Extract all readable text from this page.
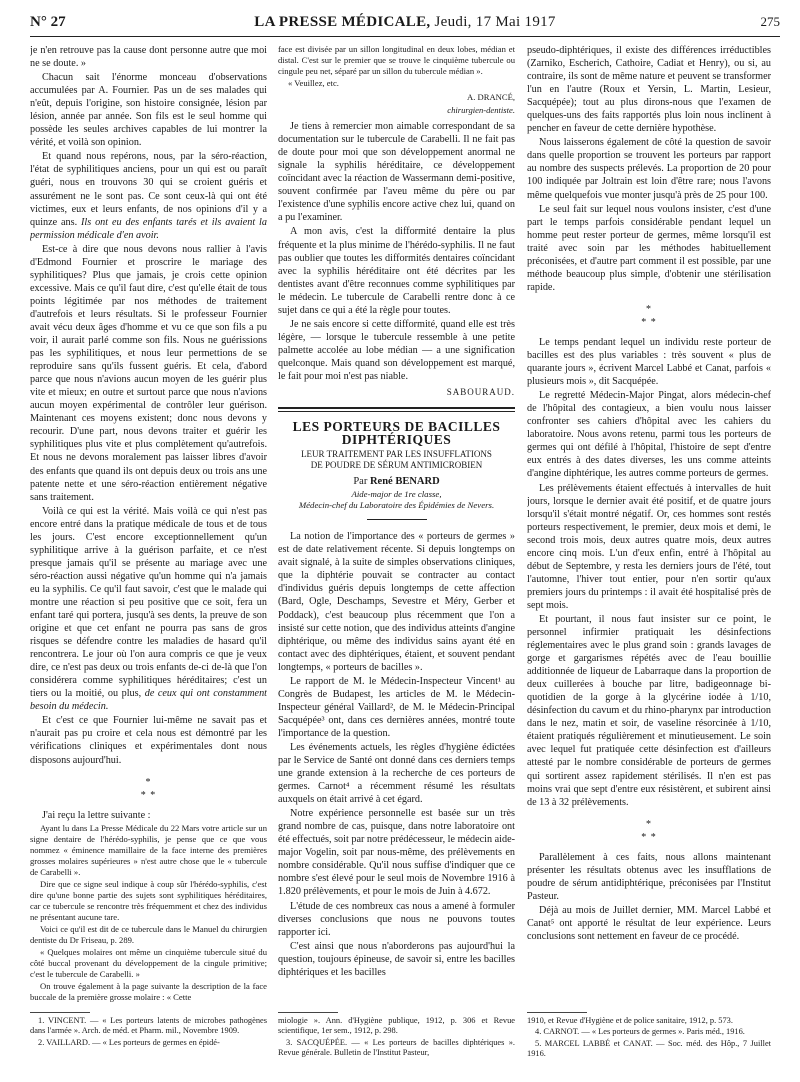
N° 27	LA PRESSE MÉDICALE, Jeudi, 17 Mai 1917	275

je n'en retrouve pas la cause dont personne autre que moi ne se doute. »

Chacun sait l'énorme monceau d'observations accumulées par A. Fournier. Pas un de ses malades qui n'eût, depuis l'origine, son histoire consignée, lésion par lésion, année par année. Son fils est le seul homme qui possède les seules archives capables de lui montrer la vérité, et voilà son opinion.

Et quand nous repérons, nous, par la séro-réaction, l'état de syphilitiques anciens, pour un qui est ou paraît guéri, nous en trouvons 30 qui se croient guéris et assurément ne le sont pas. Ce sont ceux-là qui ont été victimes, eux et leurs enfants, de nos opinions d'il y a quinze ans. Ils ont eu des enfants tarés et ils avaient la permission médicale d'en avoir.

Est-ce à dire que nous devons nous rallier à l'avis d'Edmond Fournier et proscrire le mariage des syphilitiques? Plus que jamais, je crois cette opinion excessive. Mais ce qu'il faut dire, c'est qu'elle était de tous points légitimée par nos méthodes de traitement d'autrefois et leurs résultats. Si le professeur Fournier avait vécu deux âges d'homme et vu ce que son fils a pu voir, il aurait parlé comme son fils. Nous ne guérissions pas les syphilitiques, et nous leur permettions de se reproduire sans qu'ils fussent guéris. Et cela, d'abord parce que nous n'avions aucun moyen de les guérir plus vite et mieux; en outre et surtout parce que nous n'avions aucun moyen expérimental de contrôler leur guérison. Maintenant ces moyens existent; donc nous devons y recourir. D'une part, nous devons traiter et guérir les syphilitiques plus vite et plus complètement qu'autrefois. Et nous ne devons moralement pas laisser libres d'avoir des enfants que quand ils ont depuis deux ou trois ans une patente nette et une séro-réaction entièrement négative sans traitement.

Voilà ce qui est la vérité. Mais voilà ce qui n'est pas encore entré dans la pratique médicale de tous et de tous les jours. C'est encore exceptionnellement qu'un syphilitique arrive à la guérison parfaite, et ce n'est presque jamais qu'il se présente au mariage avec une séro-réaction aussi négative qu'un homme qui n'a jamais eu la syphilis. Ce qu'il faut savoir, c'est que le malade qui montre une réaction si peu positive que ce soit, fera un enfant taré qui portera, jusqu'à ses dents, la preuve de son origine et que cet enfant ne pourra pas sans de gros risques se défendre contre les maladies de hasard qu'il rencontrera. Le jour où l'on aura compris ce que je veux dire, ce n'est pas deux ou trois enfants de-ci de-là que l'on considérera comme syphilitiques héréditaires; c'est un tiers ou la moitié, ou plus, de ceux qui ont constamment besoin du médecin.

Et c'est ce que Fournier lui-même ne savait pas et n'aurait pas pu croire et cela nous est démontré par les vérifications cliniques et expérimentales dont nous disposons aujourd'hui.

*
* *

J'ai reçu la lettre suivante :

Ayant lu dans La Presse Médicale du 22 Mars votre article sur un signe dentaire de l'hérédo-syphilis, je pense que ce que vous nommez « éminence mamillaire de la face interne des premières grosses molaires supérieures » n'est autre chose que le « tubercule de Carabelli ».

Dire que ce signe seul indique à coup sûr l'hérédo-syphilis, c'est dire qu'une bonne partie des sujets sont syphilitiques héréditaires, car ce tubercule se rencontre très fréquemment et chez des individus ne présentant aucune tare.

Voici ce qu'il est dit de ce tubercule dans le Manuel du chirurgien dentiste du Dr Friseau, p. 289.

« Quelques molaires ont même un cinquième tubercule situé du côté buccal provenant du développement de la cingule primitive; c'est le tubercule de Carabelli. »

On trouve également à la page suivante la description de la face buccale de la première grosse molaire : « Cette

face est divisée par un sillon longitudinal en deux lobes, médian et distal. C'est sur le premier que se trouve le cinquième tubercule ou cingule peu net, séparé par un sillon du tubercule médian ».

« Veuillez, etc.

A. DRANCÉ,
chirurgien-dentiste.

Je tiens à remercier mon aimable correspondant de sa documentation sur le tubercule de Carabelli. Il ne fait pas de doute pour moi que son développement anormal ne signale la syphilis héréditaire, ce développement coïncidant avec la réaction de Wassermann demi-positive, souvent confirmée par l'aveu même du père ou par l'existence d'une syphilis encore active chez lui, quand on a pu l'examiner.

A mon avis, c'est la difformité dentaire la plus fréquente et la plus minime de l'hérédo-syphilis. Il ne faut pas oublier que toutes les difformités dentaires coïncidant avec la syphilis héréditaire ont été décrites par les dentistes avant d'être reconnues comme syphilitiques par le médecin. Le tubercule de Carabelli rentre donc à ce sujet dans ce qui a été la règle pour toutes.

Je ne sais encore si cette difformité, quand elle est très légère, — lorsque le tubercule ressemble à une petite palmette accolée au lobe médian — a une signification quelconque. Mais quand son développement est marqué, le fait pour moi n'est pas niable.

SABOURAUD.
LES PORTEURS DE BACILLES DIPHTÉRIQUES
LEUR TRAITEMENT PAR LES INSUFFLATIONS
DE POUDRE DE SÉRUM ANTIMICROBIEN
Par René BENARD
Aide-major de 1re classe,
Médecin-chef du Laboratoire des Épidémies de Nevers.

La notion de l'importance des « porteurs de germes » est de date relativement récente. Si depuis longtemps on avait signalé, à la suite de simples observations cliniques, que la diphtérie pouvait se contracter au contact d'individus guéris depuis longtemps de cette affection (Bard, Ogle, Deschamps, Sevestre et Méry, Gerber et Poddack), c'est beaucoup plus récemment que l'on a insisté sur cette notion, que des individus atteints d'angine diphtérique, ou même des individus sains ayant été en contact avec des diphtériques, étaient, et souvent pendant longtemps, « porteurs de bacilles ».

Le rapport de M. le Médecin-Inspecteur Vincent¹ au Congrès de Budapest, les articles de M. le Médecin-Inspecteur général Vaillard², de M. le Médecin-Principal Sacquépée³ ont, dans ces dernières années, montré toute l'importance de la question.

Les événements actuels, les règles d'hygiène édictées par le Service de Santé ont donné dans ces derniers temps une grande extension à la recherche de ces porteurs de germes. Carnot⁴ a récemment résumé les résultats auxquels on était arrivé à cet égard.

Notre expérience personnelle est basée sur un très grand nombre de cas, puisque, dans notre laboratoire ont été effectués, soit par notre prédécesseur, le médecin aide-major Vogelin, soit par nous-même, des prélèvements en nombre considérable. Qu'il nous suffise d'indiquer que ce nombre s'est élevé pour le seul mois de Novembre 1916 à 1.820 prélèvements, et pour le mois de Juin à 4.672.

L'étude de ces nombreux cas nous a amené à formuler diverses conclusions que nous ne pouvons toutes rapporter ici.

C'est ainsi que nous n'aborderons pas aujourd'hui la question, toujours épineuse, de savoir si, entre les bacilles diphtériques et les bacilles

pseudo-diphtériques, il existe des différences irréductibles (Zarniko, Escherich, Cathoire, Cadiat et Henry), ou si, au contraire, ils sont de même nature et peuvent se transformer l'un en l'autre (Roux et Yersin, L. Martin, Lesieur, Sacquépée); tout au plus dirons-nous que l'examen de quelques-uns des faits rapportés plus loin nous inclinent à pencher en faveur de cette dernière hypothèse.

Nous laisserons également de côté la question de savoir dans quelle proportion se trouvent les porteurs par rapport au nombre des suspects prélevés. La proportion de 20 pour 100 indiquée par Joltrain est loin d'être rare; nous l'avons même quelquefois vue monter jusqu'à près de 25 pour 100.

Le seul fait sur lequel nous voulons insister, c'est d'une part le temps parfois considérable pendant lequel un homme peut rester porteur de germes, même lorsqu'il est traité avec soin par les méthodes habituellement préconisées, et d'autre part comment il est possible, par une méthode beaucoup plus simple, d'obtenir une stérilisation rapide.

*
* *

Le temps pendant lequel un individu reste porteur de bacilles est des plus variables : très souvent « plus de quarante jours », écrivent Marcel Labbé et Canat, parfois « plusieurs mois », dit Sacquépée.

Le regretté Médecin-Major Pingat, alors médecin-chef de l'hôpital des contagieux, a bien voulu nous laisser confronter ses cahiers d'hôpital avec les cahiers du laboratoire. Nous avons retenu, parmi tous les porteurs de germes qui ont défilé à l'hôpital, l'histoire de sept d'entre eux entrés à des dates diverses, les uns comme atteints d'angine diphtérique, les autres comme porteurs de germes.

Les prélèvements étaient effectués à intervalles de huit jours, lorsque le dernier avait été positif, et de quatre jours lorsqu'il s'était montré négatif. Or, ces hommes sont restés porteurs respectivement, le premier, deux mois et demi, le second trois mois, deux autres quatre mois, deux autres encore cinq mois. L'un d'eux enfin, entré à l'hôpital au début de Septembre, y resta les derniers jours de l'été, tout l'automne, l'hiver tout entier, pour n'en sortir qu'aux premiers jours du printemps : il avait été hospitalisé près de sept mois.

Et pourtant, il nous faut insister sur ce point, le personnel infirmier pratiquait les désinfections réglementaires avec le plus grand soin : grands lavages de gorge et gargarismes répétés avec de l'eau bouillie additionnée de liqueur de Labarraque dans la proportion de deux cuillerées à bouche par litre, badigeonnage bi-quotidien de la gorge à la glycérine iodée à 1/10, désinfection du cavum et du rhino-pharynx par introduction dans le nez, matin et soir, de vaseline résorcinée à 1/10, étaient pratiqués régulièrement et minutieusement. Le soin avec lequel fut pratiquée cette désinfection est d'ailleurs attesté par le nombre considérable de porteurs de germes qui sortirent assez rapidement stérilisés. Il n'en est pas moins vrai que sept d'entre eux résistèrent, et subirent ainsi de 13 à 32 prélèvements.

*
* *

Parallèlement à ces faits, nous allons maintenant présenter les résultats obtenus avec les insufflations de poudre de sérum antidiphtérique, préconisées par l'Institut Pasteur.

Déjà au mois de Juillet dernier, MM. Marcel Labbé et Canat⁵ ont apporté le résultat de leur expérience. Leurs conclusions sont nettement en faveur de ce procédé.

1. VINCENT. — « Les porteurs latents de microbes pathogènes dans l'armée ». Arch. de méd. et Pharm. mil., Novembre 1909.

2. VAILLARD. — « Les porteurs de germes en épidé-

miologie ». Ann. d'Hygiène publique, 1912, p. 306 et Revue scientifique, 1er sem., 1912, p. 298.

3. SACQUÉPÉE. — « Les porteurs de bacilles diphtériques ». Revue générale. Bulletin de l'Institut Pasteur,

1910, et Revue d'Hygiène et de police sanitaire, 1912, p. 573.

4. CARNOT. — « Les porteurs de germes ». Paris méd., 1916.

5. MARCEL LABBÉ et CANAT. — Soc. méd. des Hôp., 7 Juillet 1916.
